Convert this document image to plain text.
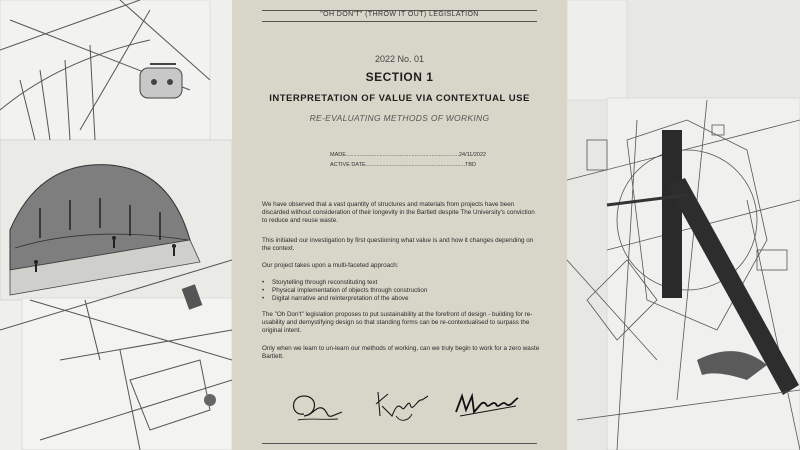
"OH DON'T" (THROW IT OUT) LEGISLATION
2022 No. 01
SECTION 1
INTERPRETATION OF VALUE VIA CONTEXTUAL USE
RE-EVALUATING METHODS OF WORKING
MADE..........................................................................24/11/2022
ACTIVE DATE.................................................................TBD

We have observed that a vast quantity of structures and materials from projects have been discarded without consideration of their longevity in the Bartlett despite The University's conviction to reduce and reuse waste.

This initiated our investigation by first questioning what value is and how it changes depending on the context.

Our project takes upon a multi-faceted approach:

• Storytelling through reconstituting text
• Physical implementation of objects through construction
• Digital narrative and reinterpretation of the above

The "Oh Don't" legislation proposes to put sustainability at the forefront of design - building for re-usability and demystifying design so that standing forms can be re-contextualised to surpass the original intent.

Only when we learn to un-learn our methods of working, can we truly begin to work for a zero waste Bartlett.
